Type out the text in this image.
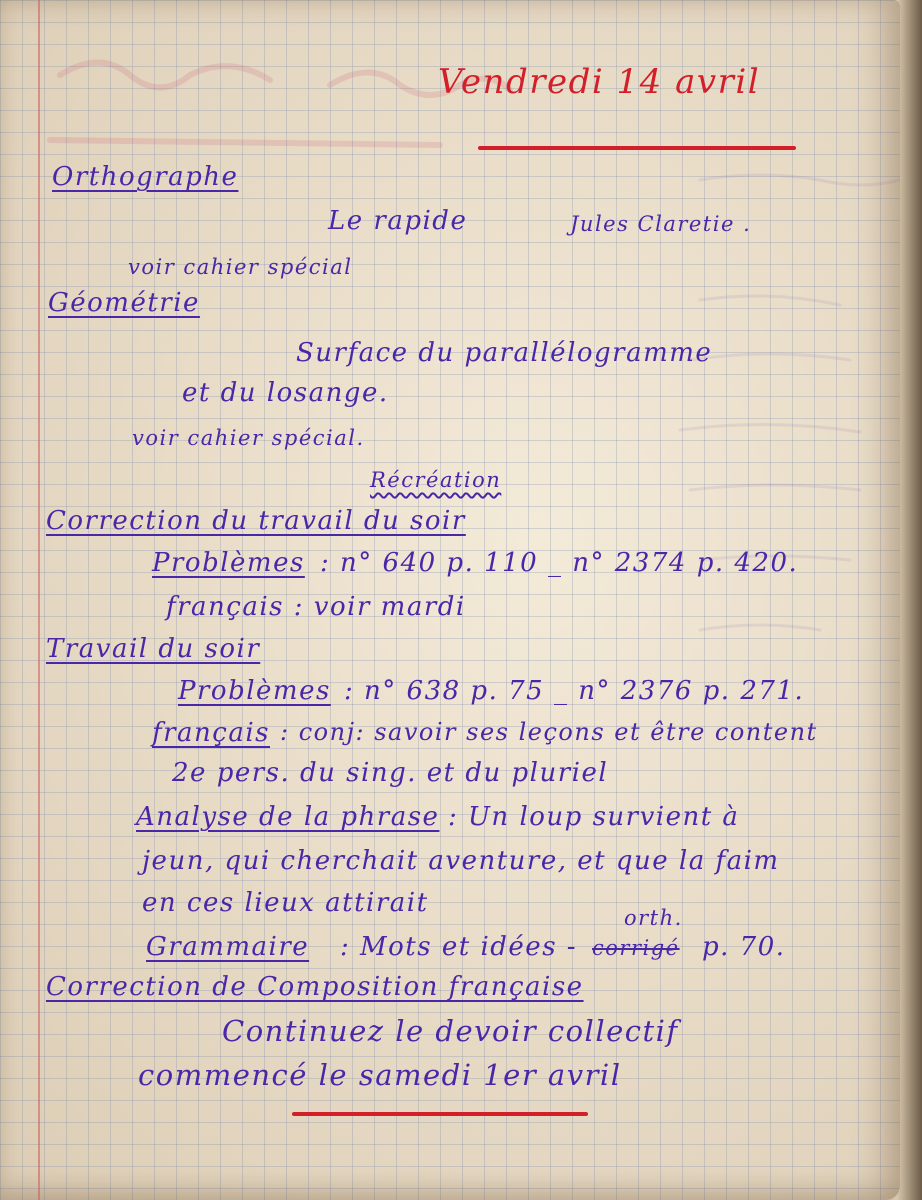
Vendredi 14 avril
Orthographe
Le rapide	Jules Claretie .
voir cahier spécial
Géométrie
Surface du parallélogramme
et du losange.
voir cahier spécial.
Récréation
Correction du travail du soir
Problèmes : n° 640 p. 110 _ n° 2374 p. 420.
français : voir mardi
Travail du soir
Problèmes : n° 638 p. 75 _ n° 2376 p. 271.
français : conj: savoir ses leçons et être content
2e pers. du sing. et du pluriel
Analyse de la phrase : Un loup survient à
jeun, qui cherchait aventure, et que la faim
en ces lieux attirait
Grammaire : Mots et idées -
orth.
corrigé p. 70.
Correction de Composition française
Continuez le devoir collectif
commencé le samedi 1er avril
